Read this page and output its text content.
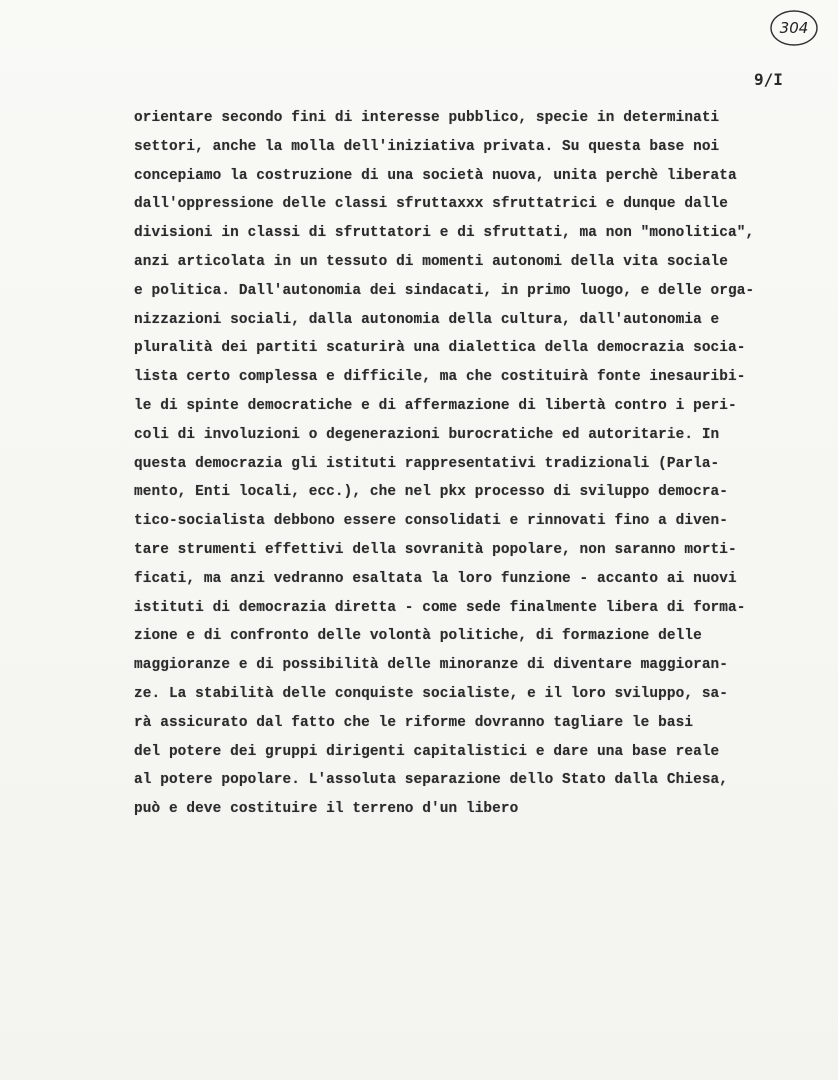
304
9/I
orientare secondo fini di interesse pubblico, specie in determinati
settori, anche la molla dell'iniziativa privata. Su questa base noi
concepiamo la costruzione di una società nuova, unita perchè liberata
dall'oppressione delle classi sfruttaxxx sfruttatrici e dunque dalle
divisioni in classi di sfruttatori e di sfruttati, ma non "monolitica",
anzi articolata in un tessuto di momenti autonomi della vita sociale
e politica. Dall'autonomia dei sindacati, in primo luogo, e delle orga-
nizzazioni sociali, dalla autonomia della cultura, dall'autonomia e
pluralità dei partiti scaturirà una dialettica della democrazia socia-
lista certo complessa e difficile, ma che costituirà fonte inesauribi-
le di spinte democratiche e di affermazione di libertà contro i peri-
coli di involuzioni o degenerazioni burocratiche ed autoritarie. In
questa democrazia gli istituti rappresentativi tradizionali (Parla-
mento, Enti locali, ecc.), che nel pkx processo di sviluppo democra-
tico-socialista debbono essere consolidati e rinnovati fino a diven-
tare strumenti effettivi della sovranità popolare, non saranno morti-
ficati, ma anzi vedranno esaltata la loro funzione - accanto ai nuovi
istituti di democrazia diretta - come sede finalmente libera di forma-
zione e di confronto delle volontà politiche, di formazione delle
maggioranze e di possibilità delle minoranze di diventare maggioran-
ze. La stabilità delle conquiste socialiste, e il loro sviluppo, sa-
rà assicurato dal fatto che le riforme dovranno tagliare le basi
del potere dei gruppi dirigenti capitalistici e dare una base reale
al potere popolare. L'assoluta separazione dello Stato dalla Chiesa,
può e deve costituire il terreno d'un libero
